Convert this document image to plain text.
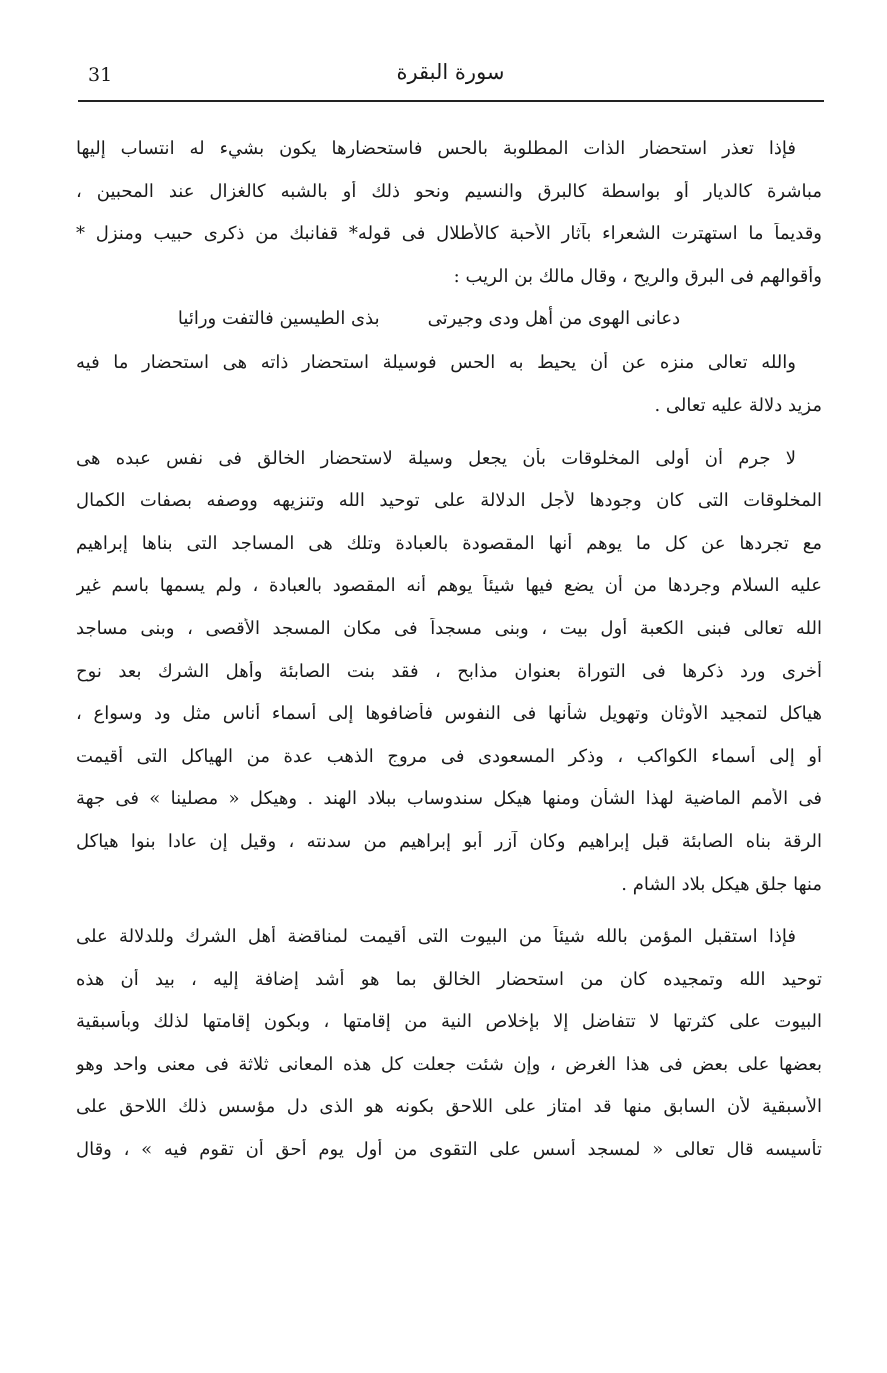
31	سورة البقرة
فإذا تعذر استحضار الذات المطلوبة بالحس فاستحضارها يكون بشيء له انتساب إليها
مباشرة كالديار أو بواسطة كالبرق والنسيم ونحو ذلك أو بالشبه كالغزال عند المحبين ،
وقديماً ما استهترت الشعراء بآثار الأحبة كالأطلال فى قوله* قفانبك من ذكرى حبيب ومنزل *
وأقوالهم فى البرق والريح ، وقال مالك بن الريب :
دعانى الهوى من أهل ودى وجيرتى
بذى الطيسين فالتفت ورائيا
والله تعالى منزه عن أن يحيط به الحس فوسيلة استحضار ذاته هى استحضار ما فيه
مزيد دلالة عليه تعالى .
لا جرم أن أولى المخلوقات بأن يجعل وسيلة لاستحضار الخالق فى نفس عبده هى
المخلوقات التى كان وجودها لأجل الدلالة على توحيد الله وتنزيهه ووصفه بصفات الكمال
مع تجردها عن كل ما يوهم أنها المقصودة بالعبادة وتلك هى المساجد التى بناها إبراهيم
عليه السلام وجردها من أن يضع فيها شيئاً يوهم أنه المقصود بالعبادة ، ولم يسمها باسم غير
الله تعالى فبنى الكعبة أول بيت ، وبنى مسجداً فى مكان المسجد الأقصى ، وبنى مساجد
أخرى ورد ذكرها فى التوراة بعنوان مذابح ، فقد بنت الصابئة وأهل الشرك بعد نوح
هياكل لتمجيد الأوثان وتهويل شأنها فى النفوس فأضافوها إلى أسماء أناس مثل ود وسواع ،
أو إلى أسماء الكواكب ، وذكر المسعودى فى مروج الذهب عدة من الهياكل التى أقيمت
فى الأمم الماضية لهذا الشأن ومنها هيكل سندوساب ببلاد الهند . وهيكل « مصلينا » فى جهة
الرقة بناه الصابئة قبل إبراهيم وكان آزر أبو إبراهيم من سدنته ، وقيل إن عادا بنوا هياكل
منها جلق هيكل بلاد الشام .
فإذا استقبل المؤمن بالله شيئاً من البيوت التى أقيمت لمناقضة أهل الشرك وللدلالة على
توحيد الله وتمجيده كان من استحضار الخالق بما هو أشد إضافة إليه ، بيد أن هذه
البيوت على كثرتها لا تتفاضل إلا بإخلاص النية من إقامتها ، وبكون إقامتها لذلك وبأسبقية
بعضها على بعض فى هذا الغرض ، وإن شئت جعلت كل هذه المعانى ثلاثة فى معنى واحد وهو
الأسبقية لأن السابق منها قد امتاز على اللاحق بكونه هو الذى دل مؤسس ذلك اللاحق على
تأسيسه قال تعالى « لمسجد أسس على التقوى من أول يوم أحق أن تقوم فيه » ، وقال
